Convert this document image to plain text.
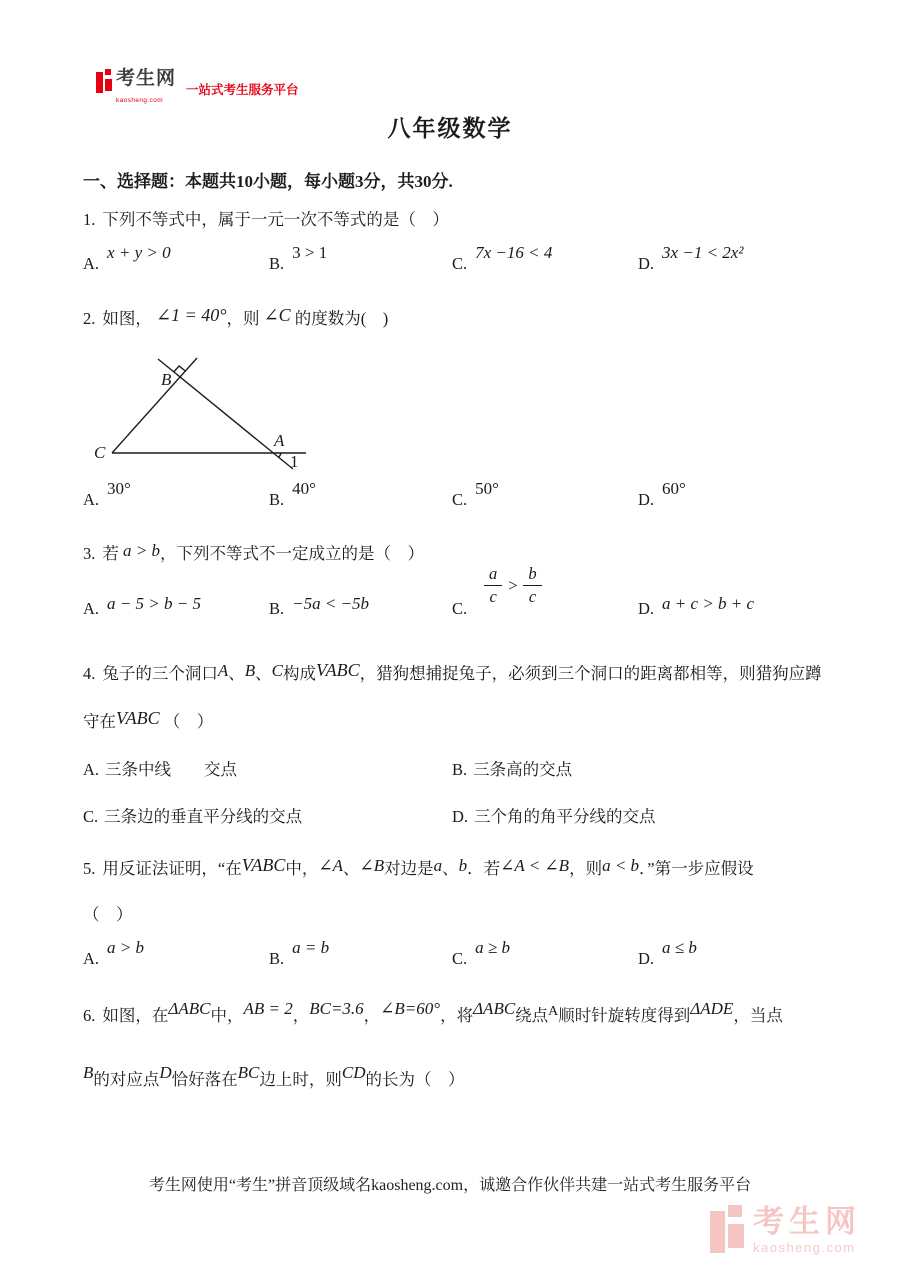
考生网
kaosheng.com
一站式考生服务平台
八年级数学
一、选择题：本题共10小题，每小题3分，共30分.
1. 下列不等式中，属于一元一次不等式的是（　）
A.x + y > 0
B.3 > 1
C.7x −16 < 4
D.3x −1 < 2x²
2. 如图， ∠1 = 40°，则 ∠C 的度数为(　)
C
B
A
1
A.30°
B.40°
C.50°
D.60°
3. 若 a > b，下列不等式不一定成立的是（　）
A. a − 5 > b − 5	B. −5a < −5b	C.
$\frac{a}{c} > \frac{b}{c}$
D. a + c > b + c
4. 兔子的三个洞口A、B、C构成VABC，猎狗想捕捉兔子，必须到三个洞口的距离都相等，则猎狗应蹲
守在VABC （　）
A. 三条中线　　交点	B. 三条高的交点
C. 三条边的垂直平分线的交点	D. 三个角的角平分线的交点
5. 用反证法证明，“在VABC中，∠A、∠B对边是a、b．若∠A < ∠B，则a < b．”第一步应假设
（　）
A.a > b
B.a = b
C.a ≥ b
D.a ≤ b
6. 如图，在ΔABC中，AB = 2，BC=3.6，∠B=60°，将ΔABC绕点$^A$顺时针旋转度得到ΔADE，当点
B的对应点D恰好落在BC边上时，则CD的长为（　）
考生网使用“考生”拼音顶级域名kaosheng.com，诚邀合作伙伴共建一站式考生服务平台
考生网
kaosheng.com
